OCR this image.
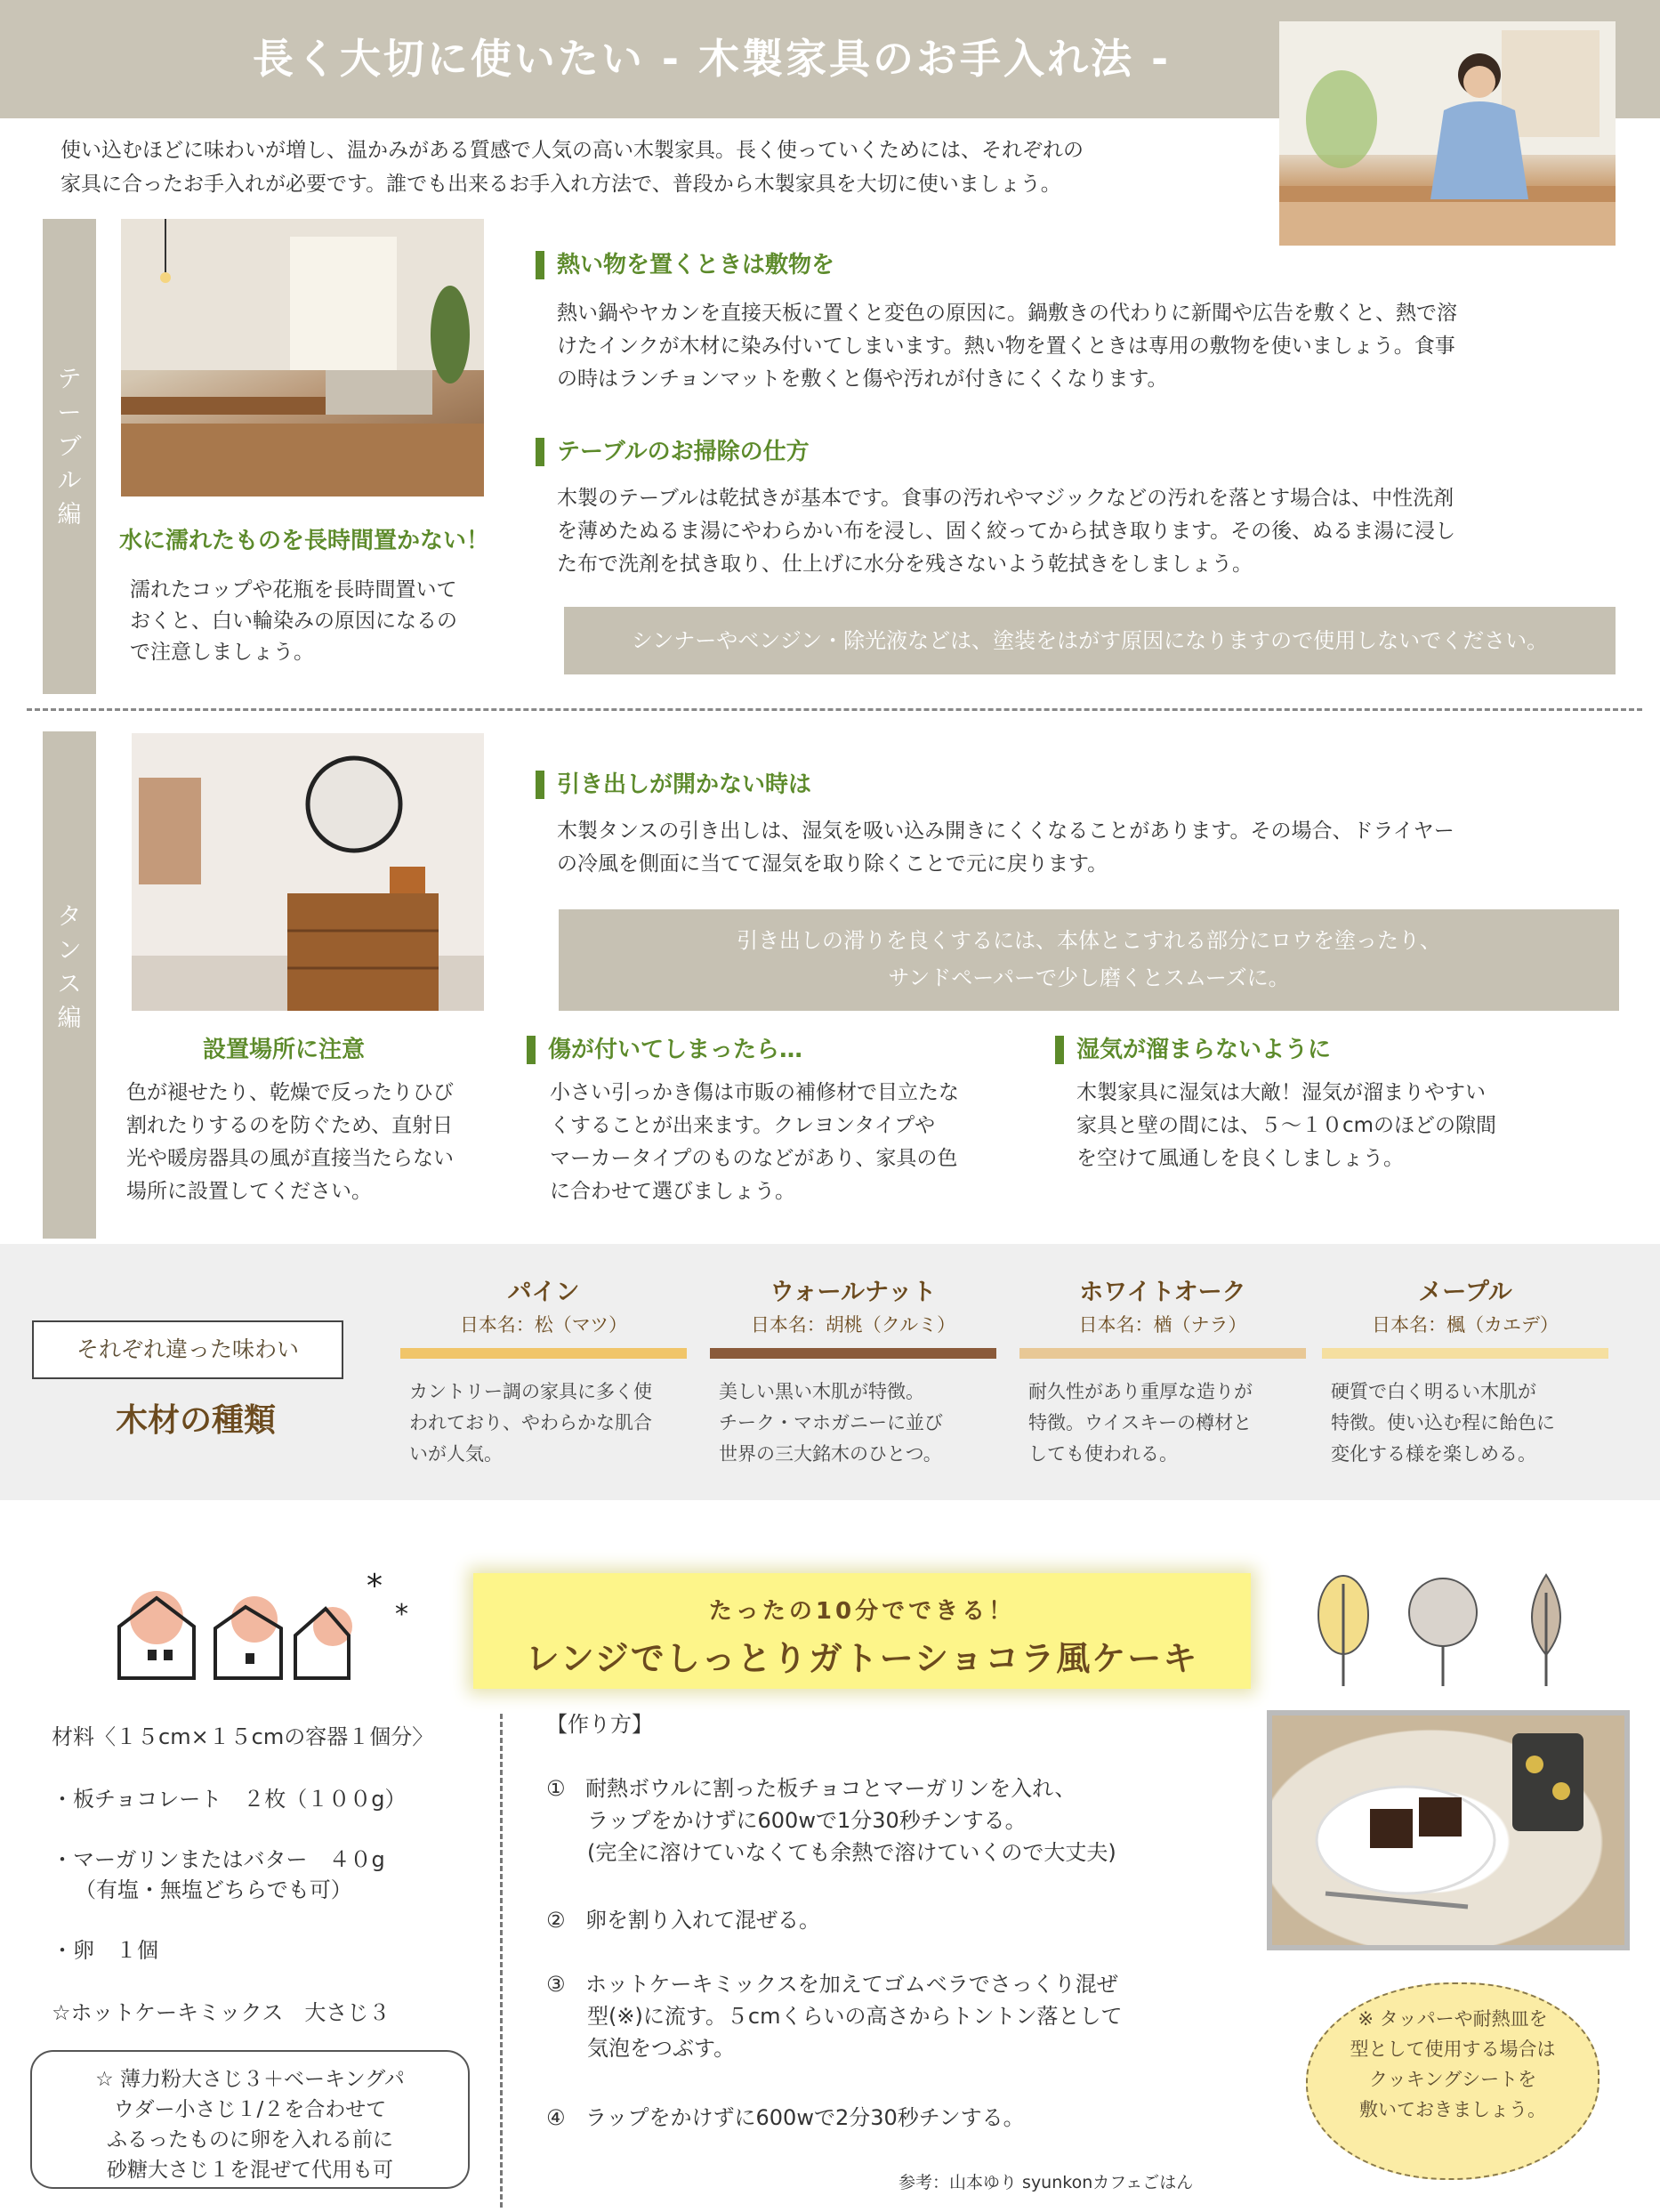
長く大切に使いたい - 木製家具のお手入れ法 -
使い込むほどに味わいが増し、温かみがある質感で人気の高い木製家具。長く使っていくためには、それぞれの
家具に合ったお手入れが必要です。誰でも出来るお手入れ方法で、普段から木製家具を大切に使いましょう。
テ
ー
ブ
ル
編
水に濡れたものを長時間置かない！
濡れたコップや花瓶を長時間置いて
おくと、白い輪染みの原因になるの
で注意しましょう。
熱い物を置くときは敷物を
熱い鍋やヤカンを直接天板に置くと変色の原因に。鍋敷きの代わりに新聞や広告を敷くと、熱で溶
けたインクが木材に染み付いてしまいます。熱い物を置くときは専用の敷物を使いましょう。食事
の時はランチョンマットを敷くと傷や汚れが付きにくくなります。
テーブルのお掃除の仕方
木製のテーブルは乾拭きが基本です。食事の汚れやマジックなどの汚れを落とす場合は、中性洗剤
を薄めたぬるま湯にやわらかい布を浸し、固く絞ってから拭き取ります。その後、ぬるま湯に浸し
た布で洗剤を拭き取り、仕上げに水分を残さないよう乾拭きをしましょう。
シンナーやベンジン・除光液などは、塗装をはがす原因になりますので使用しないでください。
タ
ン
ス
編
引き出しが開かない時は
木製タンスの引き出しは、湿気を吸い込み開きにくくなることがあります。その場合、ドライヤー
の冷風を側面に当てて湿気を取り除くことで元に戻ります。
引き出しの滑りを良くするには、本体とこすれる部分にロウを塗ったり、
サンドペーパーで少し磨くとスムーズに。
設置場所に注意
色が褪せたり、乾燥で反ったりひび
割れたりするのを防ぐため、直射日
光や暖房器具の風が直接当たらない
場所に設置してください。
傷が付いてしまったら…
小さい引っかき傷は市販の補修材で目立たな
くすることが出来ます。クレヨンタイプや
マーカータイプのものなどがあり、家具の色
に合わせて選びましょう。
湿気が溜まらないように
木製家具に湿気は大敵！湿気が溜まりやすい
家具と壁の間には、５～１０cmのほどの隙間
を空けて風通しを良くしましょう。
それぞれ違った味わい
木材の種類
パイン
日本名：松（マツ）
カントリー調の家具に多く使
われており、やわらかな肌合
いが人気。
ウォールナット
日本名：胡桃（クルミ）
美しい黒い木肌が特徴。
チーク・マホガニーに並び
世界の三大銘木のひとつ。
ホワイトオーク
日本名：楢（ナラ）
耐久性があり重厚な造りが
特徴。ウイスキーの樽材と
しても使われる。
メープル
日本名：楓（カエデ）
硬質で白く明るい木肌が
特徴。使い込む程に飴色に
変化する様を楽しめる。
*
*	たったの10分でできる！
レンジでしっとりガトーショコラ風ケーキ
材料〈１５cm×１５cmの容器１個分〉
・板チョコレート　２枚（１００g）
・マーガリンまたはバター　４０g
（有塩・無塩どちらでも可）
・卵　１個
☆ホットケーキミックス　大さじ３
☆ 薄力粉大さじ３＋ベーキングパ
ウダー小さじ１/２を合わせて
ふるったものに卵を入れる前に
砂糖大さじ１を混ぜて代用も可
【作り方】
① 耐熱ボウルに割った板チョコとマーガリンを入れ、
ラップをかけずに600wで1分30秒チンする。
(完全に溶けていなくても余熱で溶けていくので大丈夫)
② 卵を割り入れて混ぜる。
③ ホットケーキミックスを加えてゴムベラでさっくり混ぜ
型(※)に流す。５cmくらいの高さからトントン落として
気泡をつぶす。
④ ラップをかけずに600wで2分30秒チンする。
参考：山本ゆり syunkonカフェごはん
※ タッパーや耐熱皿を
型として使用する場合は
クッキングシートを
敷いておきましょう。
